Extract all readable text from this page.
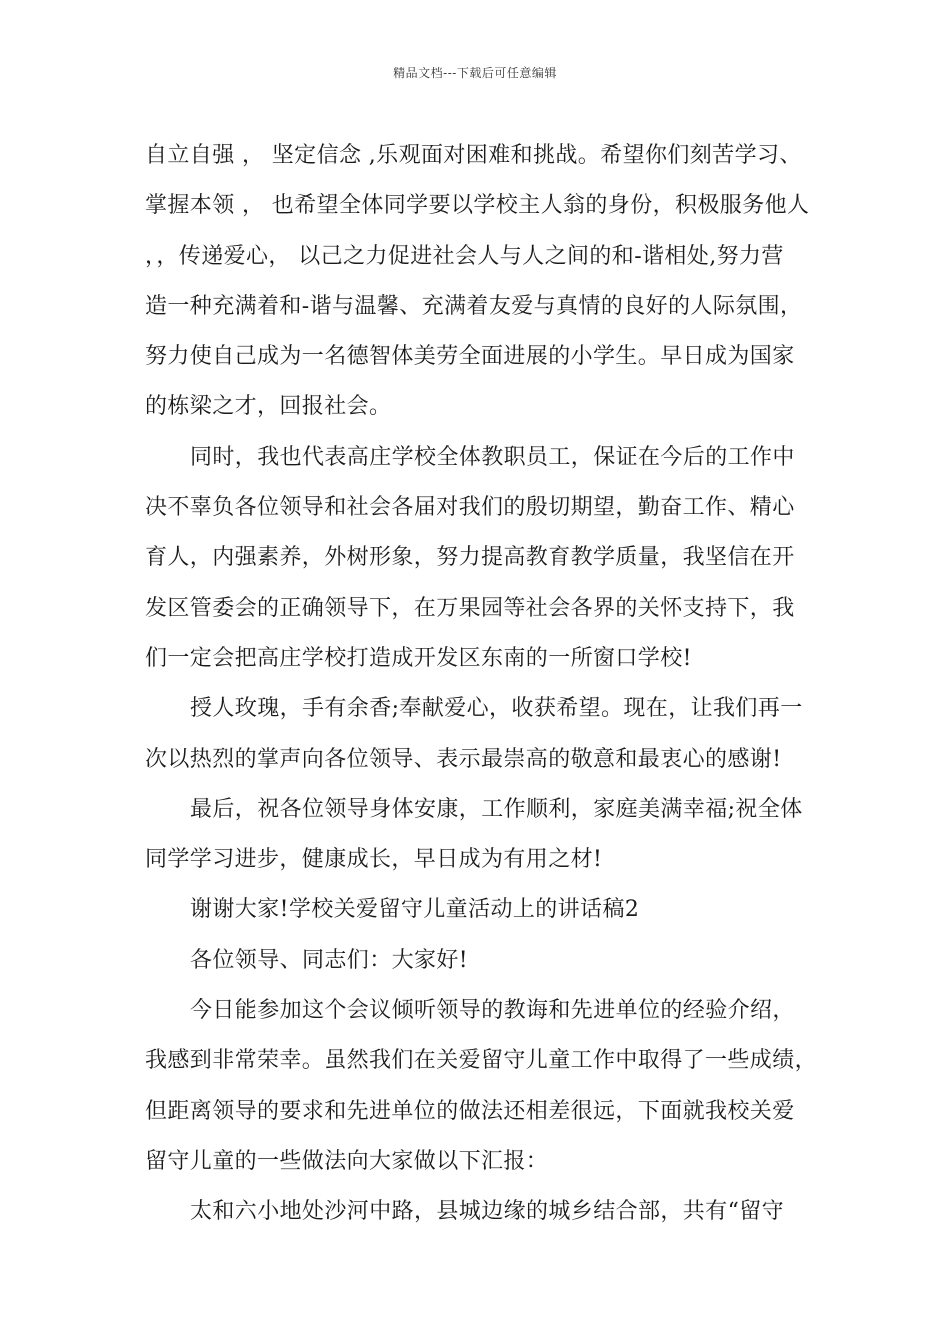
精品文档---下载后可任意编辑
自立自强 ， 坚定信念 ,乐观面对困难和挑战。希望你们刻苦学习、
掌握本领 ， 也希望全体同学要以学校主人翁的身份，积极服务他人
，，传递爱心， 以己之力促进社会人与人之间的和-谐相处,努力营
造一种充满着和-谐与温馨、充满着友爱与真情的良好的人际氛围，
努力使自己成为一名德智体美劳全面进展的小学生。早日成为国家
的栋梁之才，回报社会。
同时，我也代表高庄学校全体教职员工，保证在今后的工作中
决不辜负各位领导和社会各届对我们的殷切期望，勤奋工作、精心
育人，内强素养，外树形象，努力提高教育教学质量，我坚信在开
发区管委会的正确领导下，在万果园等社会各界的关怀支持下，我
们一定会把高庄学校打造成开发区东南的一所窗口学校!
授人玫瑰，手有余香;奉献爱心，收获希望。现在，让我们再一
次以热烈的掌声向各位领导、表示最崇高的敬意和最衷心的感谢!
最后，祝各位领导身体安康，工作顺利，家庭美满幸福;祝全体
同学学习进步，健康成长，早日成为有用之材!
谢谢大家!学校关爱留守儿童活动上的讲话稿2
各位领导、同志们：大家好!
今日能参加这个会议倾听领导的教诲和先进单位的经验介绍，
我感到非常荣幸。虽然我们在关爱留守儿童工作中取得了一些成绩，
但距离领导的要求和先进单位的做法还相差很远，下面就我校关爱
留守儿童的一些做法向大家做以下汇报：
太和六小地处沙河中路，县城边缘的城乡结合部，共有“留守
